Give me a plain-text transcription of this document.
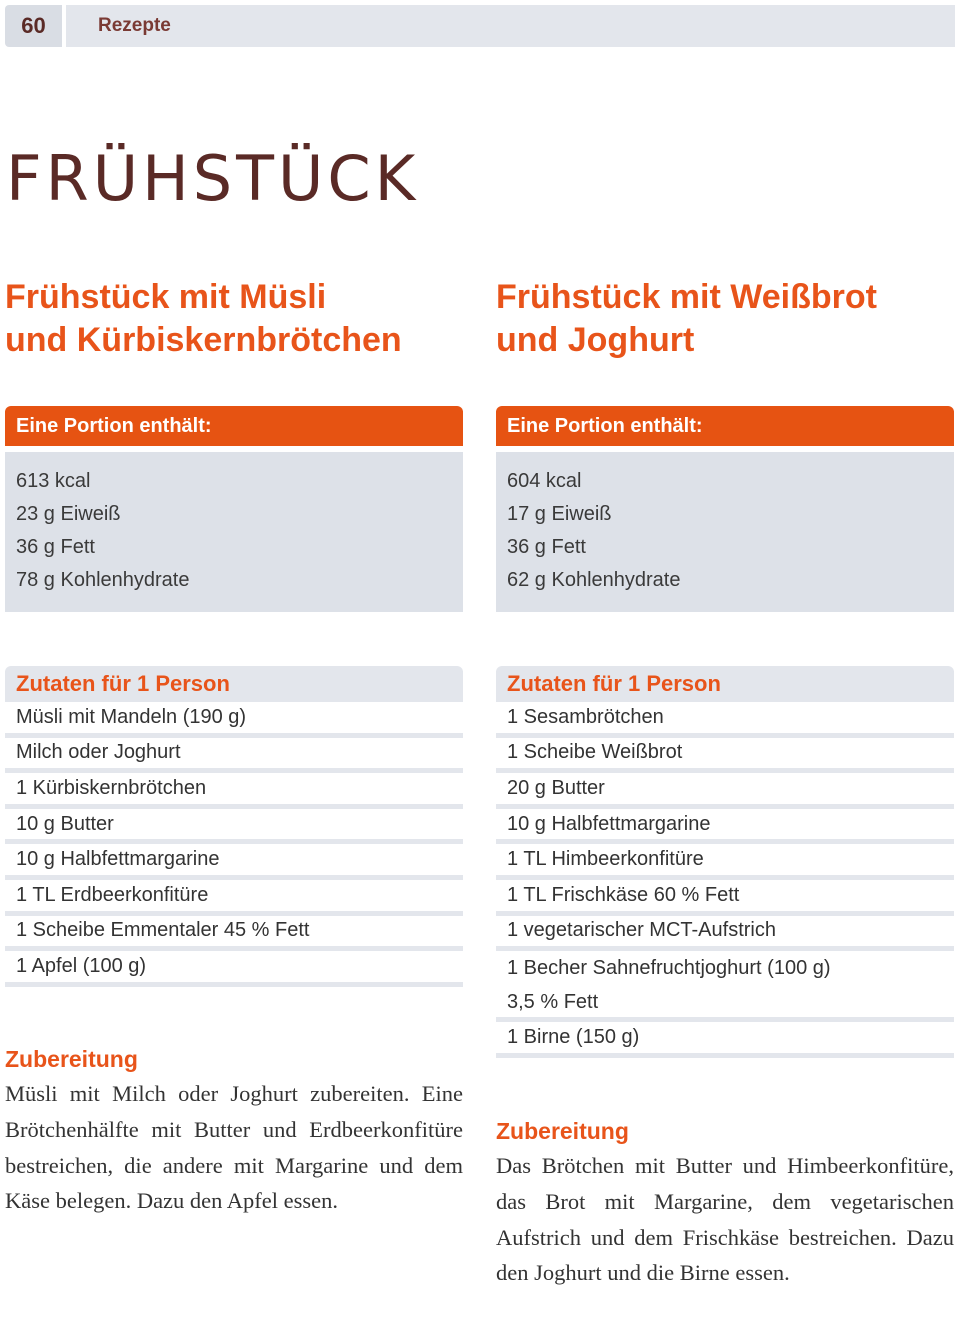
60	Rezepte
FRÜHSTÜCK
Frühstück mit Müsli
und Kürbiskernbrötchen
Eine Portion enthält:
613 kcal
23 g Eiweiß
36 g Fett
78 g Kohlenhydrate
Frühstück mit Weißbrot
und Joghurt
Eine Portion enthält:
604 kcal
17 g Eiweiß
36 g Fett
62 g Kohlenhydrate
Zutaten für 1 Person
Müsli mit Mandeln (190 g)
Milch oder Joghurt
1 Kürbiskernbrötchen
10 g Butter
10 g Halbfettmargarine
1 TL Erdbeerkonfitüre
1 Scheibe Emmentaler 45 % Fett
1 Apfel (100 g)
Zutaten für 1 Person
1 Sesambrötchen
1 Scheibe Weißbrot
20 g Butter
10 g Halbfettmargarine
1 TL Himbeerkonfitüre
1 TL Frischkäse 60 % Fett
1 vegetarischer MCT-Aufstrich
1 Becher Sahnefruchtjoghurt (100 g)
3,5 % Fett
1 Birne (150 g)
Zubereitung

Müsli mit Milch oder Joghurt zubereiten. Eine Brötchenhälfte mit Butter und Erdbeerkonfitüre bestreichen, die andere mit Margarine und dem Käse belegen. Dazu den Apfel essen.

Zubereitung

Das Brötchen mit Butter und Himbeerkonfitüre, das Brot mit Margarine, dem vegetarischen Aufstrich und dem Frischkäse bestreichen. Dazu den Joghurt und die Birne essen.
